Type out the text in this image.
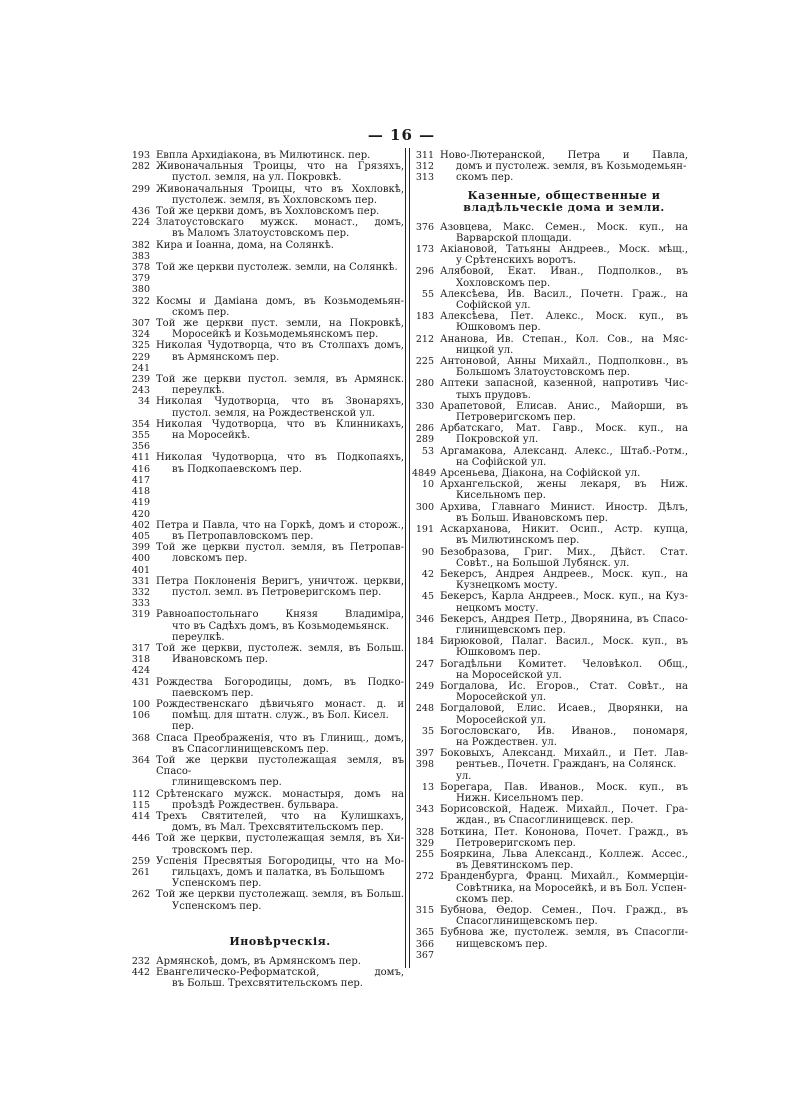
— 16 —
193 Евпла Архидіакона, въ Милютинск. пер.
282 Живоначальныя Троицы, что на Грязяхъ,
пустол. земля, на ул. Покровкѣ.
299 Живоначальныя Троицы, что въ Хохловкѣ,
пустолеж. земля, въ Хохловскомъ пер.
436 Той же церкви домъ, въ Хохловскомъ пер.
224 Златоустовскаго мужск. монаст., домъ,
въ Маломъ Златоустовскомъ пер.
382
383
Кира и Іоанна, дома, на Солянкѣ.
378
379
380
Той же церкви пустолеж. земли, на Солянкѣ.
322 Космы и Даміана домъ, въ Козьмодемьян-
скомъ пер.
307
324
Той же церкви пуст. земли, на Покровкѣ,
Моросейкѣ и Козьмодемьянскомъ пер.
325
229
241
Николая Чудотворца, что въ Столпахъ домъ,
въ Армянскомъ пер.
239
243
Той же церкви пустол. земля, въ Армянск.
переулкѣ.
34 Николая Чудотворца, что въ Звонаряхъ,
пустол. земля, на Рождественской ул.
354
355
356
Николая Чудотворца, что въ Клинникахъ,
на Моросейкѣ.
411
416
417
418
419
420
Николая Чудотворца, что въ Подкопаяхъ,
въ Подкопаевскомъ пер.
402
405
Петра и Павла, что на Горкѣ, домъ и сторож.,
въ Петропавловскомъ пер.
399
400
401
Той же церкви пустол. земля, въ Петропав-
ловскомъ пер.
331
332
333
Петра Поклоненія Веригъ, уничтож. церкви,
пустол. земл. въ Петроверигскомъ пер.
319 Равноапостольнаго Князя Владиміра,
что въ Садѣхъ домъ, въ Козьмодемьянск.
переулкѣ.
317
318
424
Той же церкви, пустолеж. земля, въ Больш.
Ивановскомъ пер.
431 Рождества Богородицы, домъ, въ Подко-
паевскомъ пер.
100
106
Рождественскаго дѣвичьяго монаст. д. и
помѣщ. для штатн. служ., въ Бол. Кисел. пер.
368 Спаса Преображенія, что въ Глинищ., домъ,
въ Спасоглинищевскомъ пер.
364 Той же церкви пустолежащая земля, въ Спасо-
глинищевскомъ пер.
112
115
Срѣтенскаго мужск. монастыря, домъ на
проѣздѣ Рождествен. бульвара.
414 Трехъ Святителей, что на Кулишкахъ,
домъ, въ Мал. Трехсвятительскомъ пер.
446 Той же церкви, пустолежащая земля, въ Хи-
тровскомъ пер.
259
261
Успенія Пресвятыя Богородицы, что на Мо-
гильцахъ, домъ и палатка, въ Большомъ
Успенскомъ пер.
262 Той же церкви пустолежащ. земля, въ Больш.
Успенскомъ пер.
Иновѣрческія.
232 Армянскоѣ, домъ, въ Армянскомъ пер.
442 Евангелическо-Реформатской, домъ,
въ Больш. Трехсвятительскомъ пер.
311
312
313
Ново-Лютеранской, Петра и Павла,
домъ и пустолеж. земля, въ Козьмодемьян-
скомъ пер.
Казенные, общественные и владѣльческіе дома и земли.
376 Азовцева, Макс. Семен., Моск. куп., на
Варварской площади.
173 Акіановой, Татьяны Андреев., Моск. мѣщ.,
у Срѣтенскихъ воротъ.
296 Алябовой, Екат. Иван., Подполков., въ
Хохловскомъ пер.
55 Алексѣева, Ив. Васил., Почетн. Граж., на
Софійской ул.
183 Алексѣева, Пет. Алекс., Моск. куп., въ
Юшковомъ пер.
212 Ананова, Ив. Степан., Кол. Сов., на Мяс-
ницкой ул.
225 Антоновой, Анны Михайл., Подполковн., въ
Большомъ Златоустовскомъ пер.
280 Аптеки запасной, казенной, напротивъ Чис-
тыхъ прудовъ.
330 Арапетовой, Елисав. Анис., Майорши, въ
Петроверигскомъ пер.
286
289
Арбатскаго, Мат. Гавр., Моск. куп., на
Покровской ул.
53 Аргамакова, Александ. Алекс., Штаб.-Ротм.,
на Софійской ул.
4849 Арсеньева, Діакона, на Софійской ул.
10 Архангельской, жены лекаря, въ Ниж.
Кисельномъ пер.
300 Архива, Главнаго Минист. Иностр. Дѣлъ,
въ Больш. Ивановскомъ пер.
191 Аскарханова, Никит. Осип., Астр. купца,
въ Милютинскомъ пер.
90 Безобразова, Григ. Мих., Дѣйст. Стат.
Совѣт., на Большой Лубянск. ул.
42 Бекерсъ, Андрея Андреев., Моск. куп., на
Кузнецкомъ мосту.
45 Бекерсъ, Карла Андреев., Моск. куп., на Куз-
нецкомъ мосту.
346 Бекерсъ, Андрея Петр., Дворянина, въ Спасо-
глинищевскомъ пер.
184 Бирюковой, Палаг. Васил., Моск. куп., въ
Юшковомъ пер.
247 Богадѣльни Комитет. Человѣкол. Общ.,
на Моросейской ул.
249 Богдалова, Ис. Егоров., Стат. Совѣт., на
Моросейской ул.
248 Богдаловой, Елис. Исаев., Дворянки, на
Моросейской ул.
35 Богословскаго, Ив. Иванов., пономаря,
на Рождествен. ул.
397
398
Боковыхъ, Александ. Михайл., и Пет. Лав-
рентьев., Почетн. Гражданъ, на Солянск. ул.
13 Борегара, Пав. Иванов., Моск. куп., въ
Нижн. Кисельномъ пер.
343 Борисовской, Надеж. Михайл., Почет. Гра-
ждан., въ Спасоглинищевск. пер.
328
329
Боткина, Пет. Кононова, Почет. Гражд., въ
Петроверигскомъ пер.
255 Бояркина, Львa Александ., Коллеж. Ассес.,
въ Девятинскомъ пер.
272 Бранденбурга, Франц. Михайл., Коммерціи-
Совѣтника, на Моросейкѣ, и въ Бол. Успен-
скомъ пер.
315 Бубнова, Ѳедор. Семен., Поч. Гражд., въ
Спасоглинищевскомъ пер.
365
366
367
Бубнова же, пустолеж. земля, въ Спасогли-
нищевскомъ пер.
